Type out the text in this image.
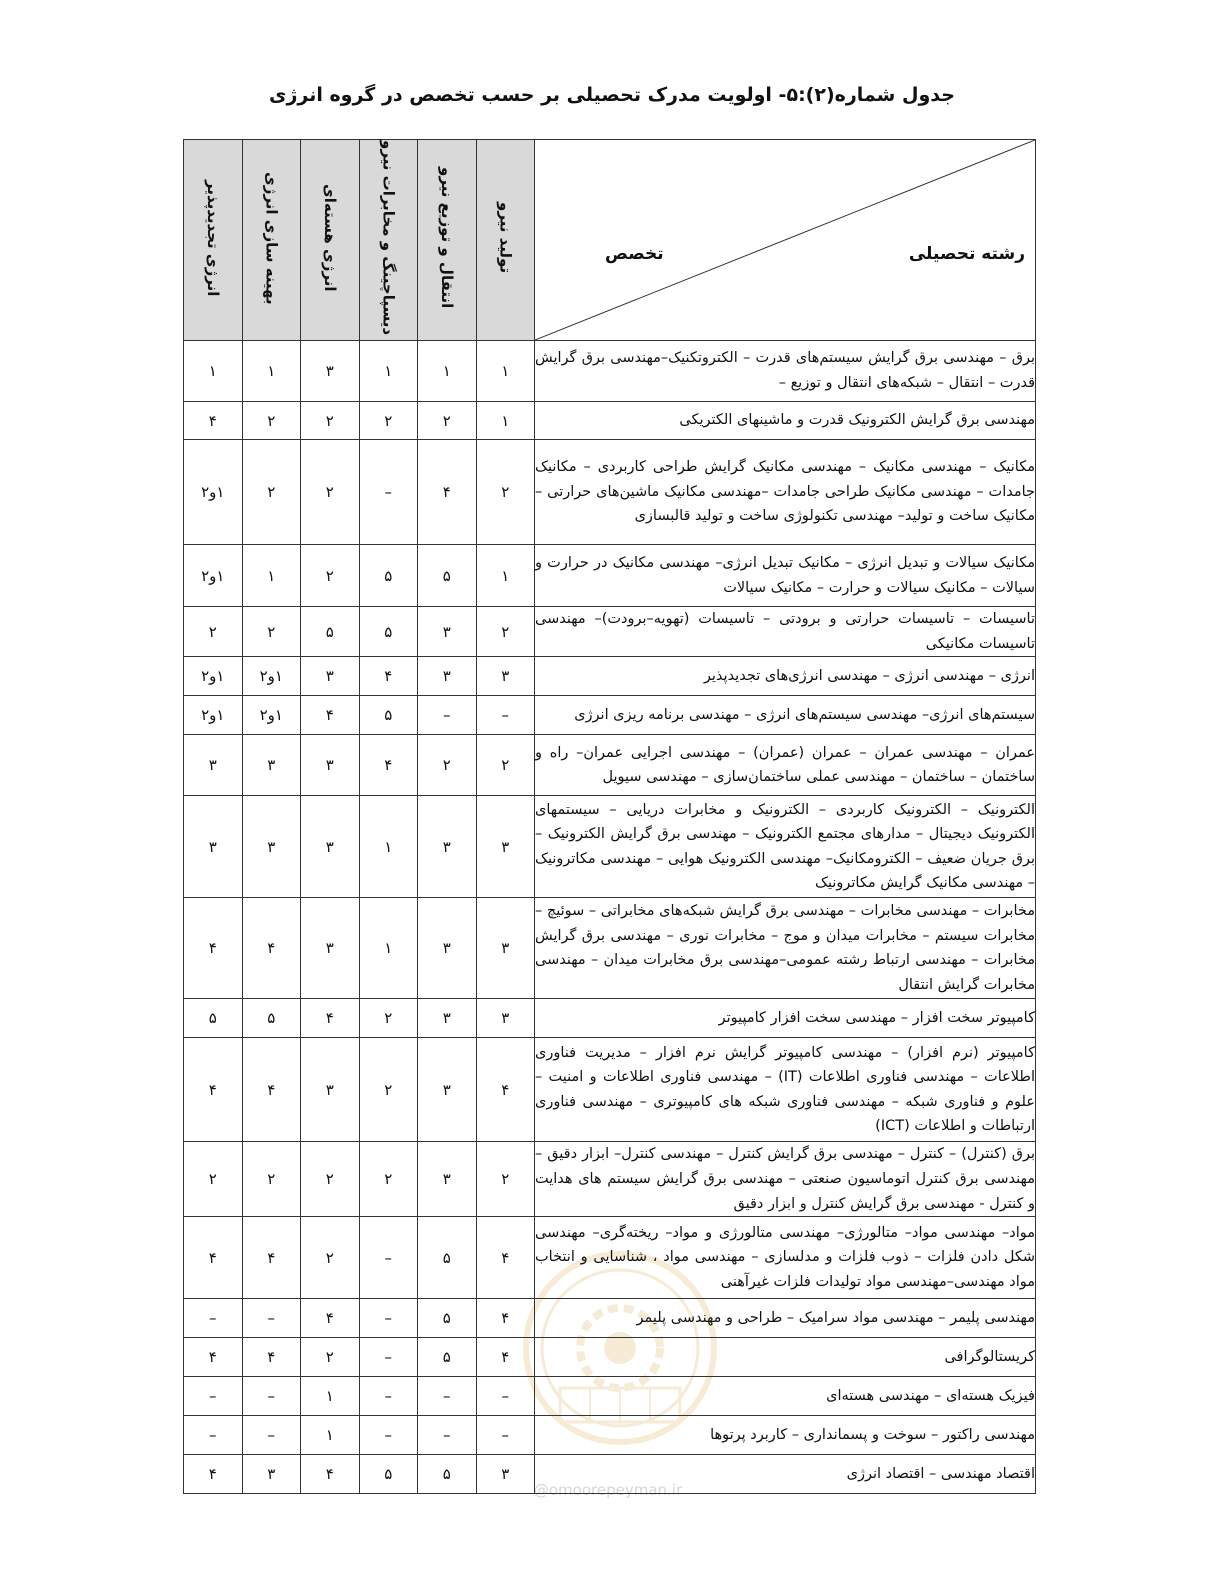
جدول شماره(۲):۵- اولویت مدرک تحصیلی بر حسب تخصص در گروه انرژی
@omoorepeyman.ir
رشته تحصیلی
تخصص	تولید نیرو	انتقال و توزیع نیرو	دیسپاچینگ و مخابرات نیرو	انرژی هسته‌ای	بهینه سازی انرژی	انرژی تجدیدپذیر
برق – مهندسی برق گرایش سیستم‌های قدرت – الکتروتکنیک–مهندسی برق گرایش قدرت – انتقال – شبکه‌های انتقال و توزیع –	۱	۱	۱	۳	۱	۱
مهندسی برق گرایش الکترونیک قدرت و ماشینهای الکتریکی	۱	۲	۲	۲	۲	۴
مکانیک – مهندسی مکانیک – مهندسی مکانیک گرایش طراحی کاربردی – مکانیک جامدات – مهندسی مکانیک طراحی جامدات –مهندسی مکانیک ماشین‌های حرارتی – مکانیک ساخت و تولید– مهندسی تکنولوژی ساخت و تولید قالبسازی	۲	۴	–	۲	۲	۱و۲
مکانیک سیالات و تبدیل انرژی – مکانیک تبدیل انرژی– مهندسی مکانیک در حرارت و سیالات – مکانیک سیالات و حرارت – مکانیک سیالات	۱	۵	۵	۲	۱	۱و۲
تاسیسات – تاسیسات حرارتی و برودتی – تاسیسات (تهویه–برودت)– مهندسی تاسیسات مکانیکی	۲	۳	۵	۵	۲	۲
انرژی – مهندسی انرژی – مهندسی انرژی‌های تجدیدپذیر	۳	۳	۴	۳	۱و۲	۱و۲
سیستم‌های انرژی– مهندسی سیستم‌های انرژی – مهندسی برنامه ریزی انرژی	–	–	۵	۴	۱و۲	۱و۲
عمران – مهندسی عمران – عمران (عمران) – مهندسی اجرایی عمران– راه و ساختمان – ساختمان – مهندسی عملی ساختمان‌سازی – مهندسی سیویل	۲	۲	۴	۳	۳	۳
الکترونیک – الکترونیک کاربردی – الکترونیک و مخابرات دریایی – سیستمهای الکترونیک دیجیتال – مدارهای مجتمع الکترونیک – مهندسی برق گرایش الکترونیک – برق جریان ضعیف – الکترومکانیک– مهندسی الکترونیک هوایی – مهندسی مکاترونیک – مهندسی مکانیک گرایش مکاترونیک	۳	۳	۱	۳	۳	۳
مخابرات – مهندسی مخابرات – مهندسی برق گرایش شبکه‌های مخابراتی – سوئیچ – مخابرات سیستم – مخابرات میدان و موج – مخابرات نوری – مهندسی برق گرایش مخابرات – مهندسی ارتباط رشته عمومی–مهندسی برق مخابرات میدان – مهندسی مخابرات گرایش انتقال	۳	۳	۱	۳	۴	۴
کامپیوتر سخت افزار – مهندسی سخت افزار کامپیوتر	۳	۳	۲	۴	۵	۵
کامپیوتر (نرم افزار) – مهندسی کامپیوتر گرایش نرم افزار – مدیریت فناوری اطلاعات – مهندسی فناوری اطلاعات (IT) – مهندسی فناوری اطلاعات و امنیت – علوم و فناوری شبکه – مهندسی فناوری شبکه های کامپیوتری – مهندسی فناوری ارتباطات و اطلاعات (ICT)	۴	۳	۲	۳	۴	۴
برق (کنترل) – کنترل – مهندسی برق گرایش کنترل – مهندسی کنترل– ابزار دقیق – مهندسی برق کنترل اتوماسیون صنعتی – مهندسی برق گرایش سیستم های هدایت و کنترل - مهندسی برق گرایش کنترل و ابزار دقیق	۲	۳	۲	۲	۲	۲
مواد– مهندسی مواد– متالورژی– مهندسی متالورژی و مواد– ریخته‌گری– مهندسی شکل دادن فلزات – ذوب فلزات و مدلسازی – مهندسی مواد ، شناسایی و انتخاب مواد مهندسی–مهندسی مواد تولیدات فلزات غیرآهنی	۴	۵	–	۲	۴	۴
مهندسی پلیمر – مهندسی مواد سرامیک – طراحی و مهندسی پلیمر	۴	۵	–	۴	–	–
کریستالوگرافی	۴	۵	–	۲	۴	۴
فیزیک هسته‌ای – مهندسی هسته‌ای	–	–	–	۱	–	–
مهندسی راکتور – سوخت و پسمانداری – کاربرد پرتوها	–	–	–	۱	–	–
اقتصاد مهندسی – اقتصاد انرژی	۳	۵	۵	۴	۳	۴
